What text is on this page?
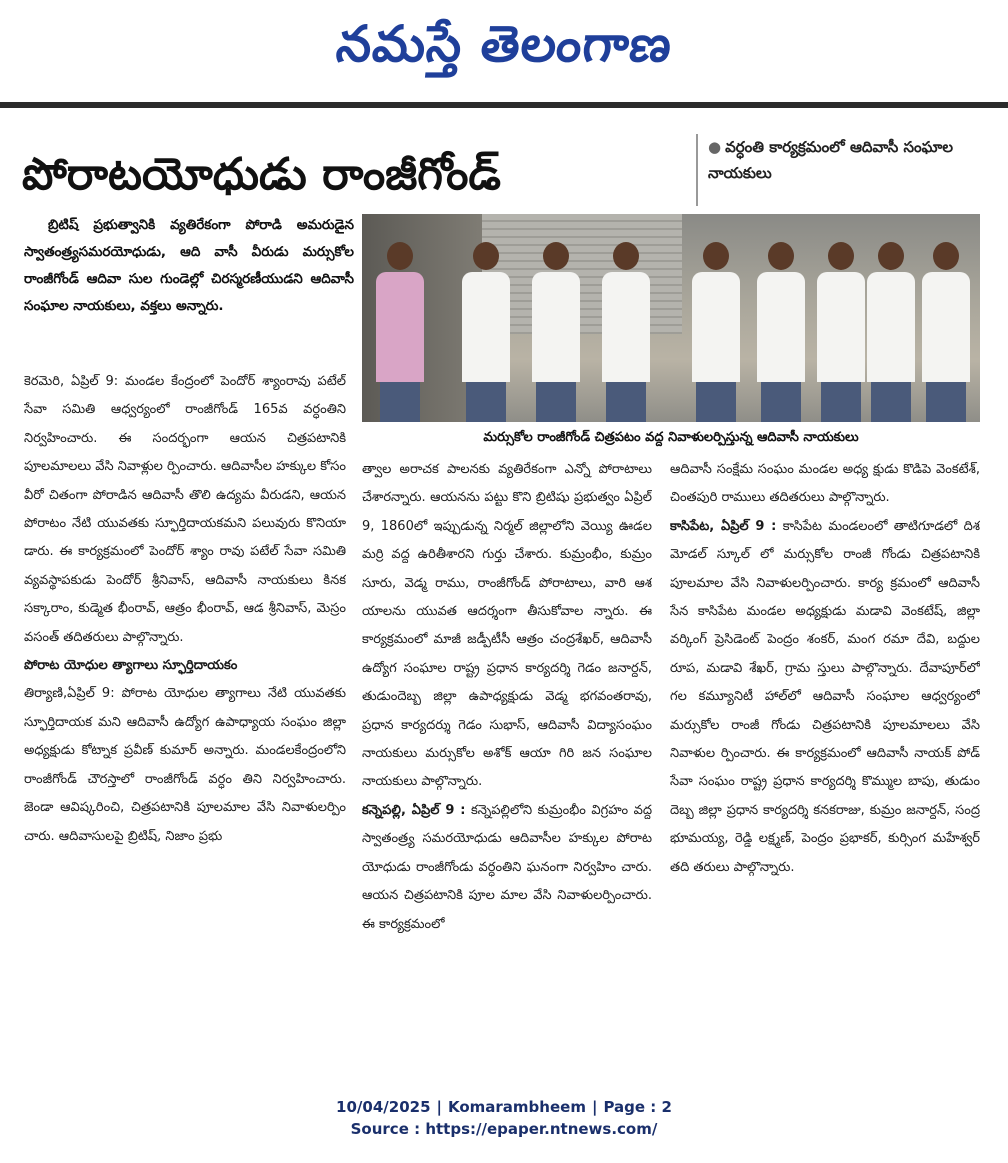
నమస్తే తెలంగాణ
పోరాటయోధుడు రాంజీగోండ్
● వర్ధంతి కార్యక్రమంలో ఆదివాసీ సంఘాల నాయకులు
బ్రిటిష్ ప్రభుత్వానికి వ్యతిరేకంగా పోరాడి అమరుడైన స్వాతంత్ర్యసమరయోధుడు, ఆది వాసీ వీరుడు మర్సుకోల రాంజీగోండ్ ఆదివా సుల గుండెల్లో చిరస్మరణీయుడని ఆదివాసీ సంఘాల నాయకులు, వక్తలు అన్నారు.
మర్సుకోల రాంజీగోండ్ చిత్రపటం వద్ద నివాళులర్పిస్తున్న ఆదివాసీ నాయకులు

కెరమెరి, ఏప్రిల్ 9: మండల కేంద్రంలో పెందోర్ శ్యాంరావు పటేల్ సేవా సమితి ఆధ్వర్యంలో రాంజీగోండ్ 165వ వర్ధంతిని నిర్వహించారు. ఈ సందర్భంగా ఆయన చిత్రపటానికి పూలమాలలు వేసి నివాళ్లుల ర్పించారు. ఆదివాసీల హక్కుల కోసం వీరో చితంగా పోరాడిన ఆదివాసీ తొలి ఉద్యమ వీరుడని, ఆయన పోరాటం నేటి యువతకు స్ఫూర్తిదాయకమని పలువురు కొనియా డారు. ఈ కార్యక్రమంలో పెందోర్ శ్యాం రావు పటేల్ సేవా సమితి వ్యవస్థాపకుడు పెందోర్ శ్రీనివాస్, ఆదివాసీ నాయకులు కినక సక్కారాం, కుడ్మెత భీంరావ్, ఆత్రం భీంరావ్, ఆడ శ్రీనివాస్, మెస్రం వసంత్ తదితరులు పాల్గొన్నారు.

పోరాట యోధుల త్యాగాలు స్ఫూర్తిదాయకం

తిర్యాణి,ఏప్రిల్ 9: పోరాట యోధుల త్యాగాలు నేటి యువతకు స్ఫూర్తిదాయక మని ఆదివాసీ ఉద్యోగ ఉపాధ్యాయ సంఘం జిల్లా అధ్యక్షుడు కోట్నాక ప్రవీణ్ కుమార్ అన్నారు. మండలకేంద్రంలోని రాంజీగోండ్ చౌరస్తాలో రాంజీగోండ్ వర్ధం తిని నిర్వహించారు. జెండా ఆవిష్కరించి, చిత్రపటానికి పూలమాల వేసి నివాళులర్పిం చారు. ఆదివాసులపై బ్రిటిష్, నిజాం ప్రభు

త్వాల అరాచక పాలనకు వ్యతిరేకంగా ఎన్నో పోరాటాలు చేశారన్నారు. ఆయనను పట్టు కొని బ్రిటిషు ప్రభుత్వం ఏప్రిల్ 9, 1860లో ఇప్పుడున్న నిర్మల్ జిల్లాలోని వెయ్యి ఊడల మర్రి వద్ద ఉరితీశారని గుర్తు చేశారు. కుమ్రంభీం, కుమ్రం సూరు, వెడ్మ రాము, రాంజీగోండ్ పోరాటాలు, వారి ఆశ యాలను యువత ఆదర్శంగా తీసుకోవాల న్నారు. ఈ కార్యక్రమంలో మాజీ జడ్పీటీసీ ఆత్రం చంద్రశేఖర్, ఆదివాసీ ఉద్యోగ సంఘాల రాష్ట్ర ప్రధాన కార్యదర్శి గెడం జనార్దన్, తుడుందెబ్బ జిల్లా ఉపాధ్యక్షుడు వెడ్మ భగవంతరావు, ప్రధాన కార్యదర్శు గెడం సుభాస్, ఆదివాసీ విద్యాసంఘం నాయకులు మర్సుకోల అశోక్ ఆయా గిరి జన సంఘాల నాయకులు పాల్గొన్నారు.

కన్నెపల్లి, ఏప్రిల్ 9 : కన్నెపల్లిలోని కుమ్రంభీం విగ్రహం వద్ద స్వాతంత్ర్య సమరయోధుడు ఆదివాసీల హక్కుల పోరాట యోధుడు రాంజీగోండు వర్ధంతిని ఘనంగా నిర్వహిం చారు. ఆయన చిత్రపటానికి పూల మాల వేసి నివాళులర్పించారు. ఈ కార్యక్రమంలో

ఆదివాసీ సంక్షేమ సంఘం మండల అధ్య క్షుడు కొడిపె వెంకటేశ్, చింతపురి రాములు తదితరులు పాల్గొన్నారు.

కాసిపేట, ఏప్రిల్ 9 : కాసిపేట మండలంలో తాటిగూడలో దిశ మోడల్ స్కూల్ లో మర్సుకోల రాంజీ గోండు చిత్రపటానికి పూలమాల వేసి నివాళులర్పించారు. కార్య క్రమంలో ఆదివాసీ సేన కాసిపేట మండల అధ్యక్షుడు మడావి వెంకటేష్, జిల్లా వర్కింగ్ ప్రెసిడెంట్ పెంద్రం శంకర్, మంగ రమా దేవి, బద్దుల రూప, మడావి శేఖర్, గ్రామ స్తులు పాల్గొన్నారు. దేవాపూర్‌లో గల కమ్యూనిటీ హాల్‌లో ఆదివాసీ సంఘాల ఆధ్వర్యంలో మర్సుకోల రాంజీ గోండు చిత్రపటానికి పూలమాలలు వేసి నివాళుల ర్పించారు. ఈ కార్యక్రమంలో ఆదివాసీ నాయక్ పోడ్ సేవా సంఘం రాష్ట్ర ప్రధాన కార్యదర్శి కొమ్ముల బాపు, తుడుం దెబ్బ జిల్లా ప్రధాన కార్యదర్శి కనకరాజు, కుమ్రం జనార్దన్, సంద్ర భూమయ్య, రెడ్డి లక్ష్మణ్, పెంద్రం ప్రభాకర్, కుర్సింగ మహేశ్వర్ తది తరులు పాల్గొన్నారు.

10/04/2025 | Komarambheem | Page : 2
Source : https://epaper.ntnews.com/
